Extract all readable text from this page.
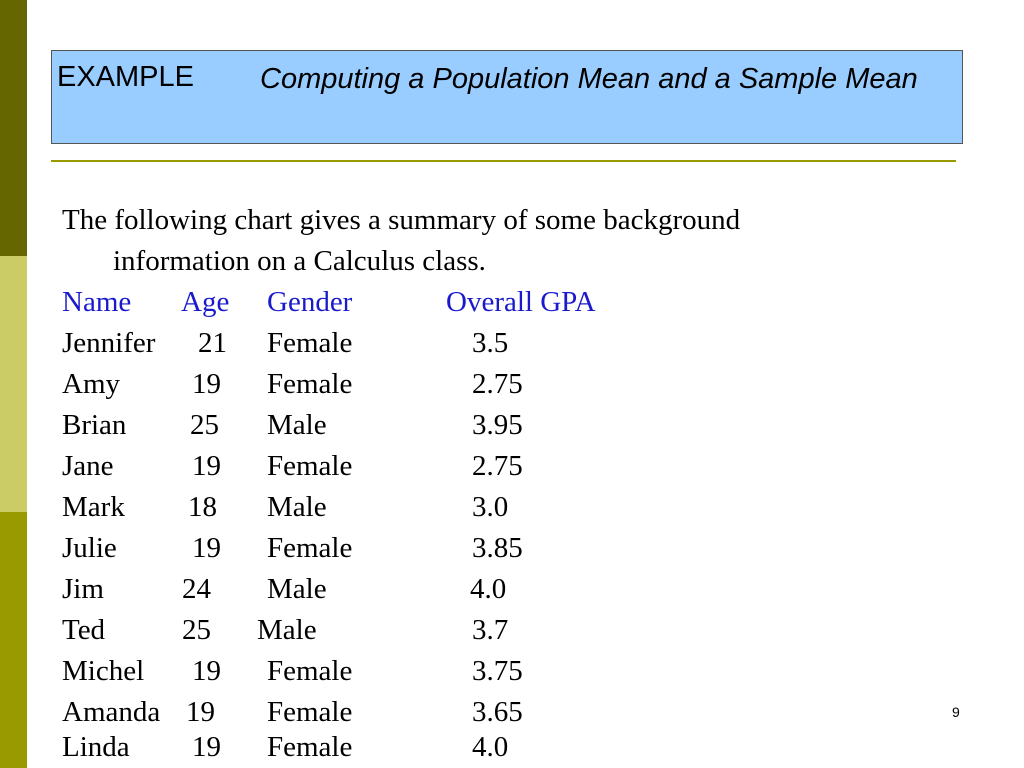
EXAMPLE Computing a Population Mean and a Sample Mean
The following chart gives a summary of some background
information on a Calculus class.
Name Age Gender	Overall GPA
Jennifer 21 Female	3.5
Amy 19 Female	2.75
Brian 25 Male	3.95
Jane	19 Female	2.75
Mark 18 Male	3.0
Julie	19 Female	3.85
Jim	24 Male	4.0
Ted	25 Male	3.7
Michel 19 Female	3.75
Amanda 19 Female	3.65
Linda 19 Female	4.0
9
